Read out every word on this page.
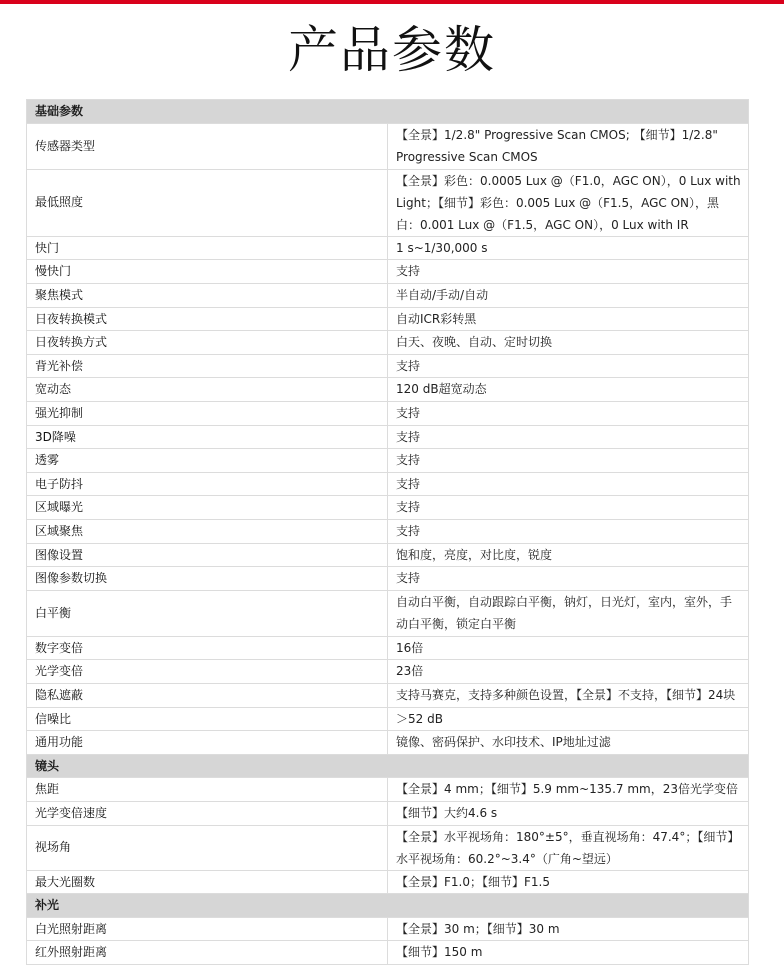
产品参数
基础参数	
传感器类型	【全景】1/2.8" Progressive Scan CMOS; 【细节】1/2.8" Progressive Scan CMOS
最低照度	【全景】彩色：0.0005 Lux @（F1.0，AGC ON），0 Lux with Light；【细节】彩色：0.005 Lux @（F1.5，AGC ON），黑白：0.001 Lux @（F1.5，AGC ON），0 Lux with IR
快门	1 s~1/30,000 s
慢快门	支持
聚焦模式	半自动/手动/自动
日夜转换模式	自动ICR彩转黑
日夜转换方式	白天、夜晚、自动、定时切换
背光补偿	支持
宽动态	120 dB超宽动态
强光抑制	支持
3D降噪	支持
透雾	支持
电子防抖	支持
区域曝光	支持
区域聚焦	支持
图像设置	饱和度，亮度，对比度，锐度
图像参数切换	支持
白平衡	自动白平衡，自动跟踪白平衡，钠灯，日光灯，室内，室外，手动白平衡，锁定白平衡
数字变倍	16倍
光学变倍	23倍
隐私遮蔽	支持马赛克，支持多种颜色设置，【全景】不支持，【细节】24块
信噪比	＞52 dB
通用功能	镜像、密码保护、水印技术、IP地址过滤
镜头	
焦距	【全景】4 mm；【细节】5.9 mm~135.7 mm，23倍光学变倍
光学变倍速度	【细节】大约4.6 s
视场角	【全景】水平视场角：180°±5°，垂直视场角：47.4°；【细节】水平视场角：60.2°~3.4°（广角~望远）
最大光圈数	【全景】F1.0；【细节】F1.5
补光	
白光照射距离	【全景】30 m；【细节】30 m
红外照射距离	【细节】150 m
